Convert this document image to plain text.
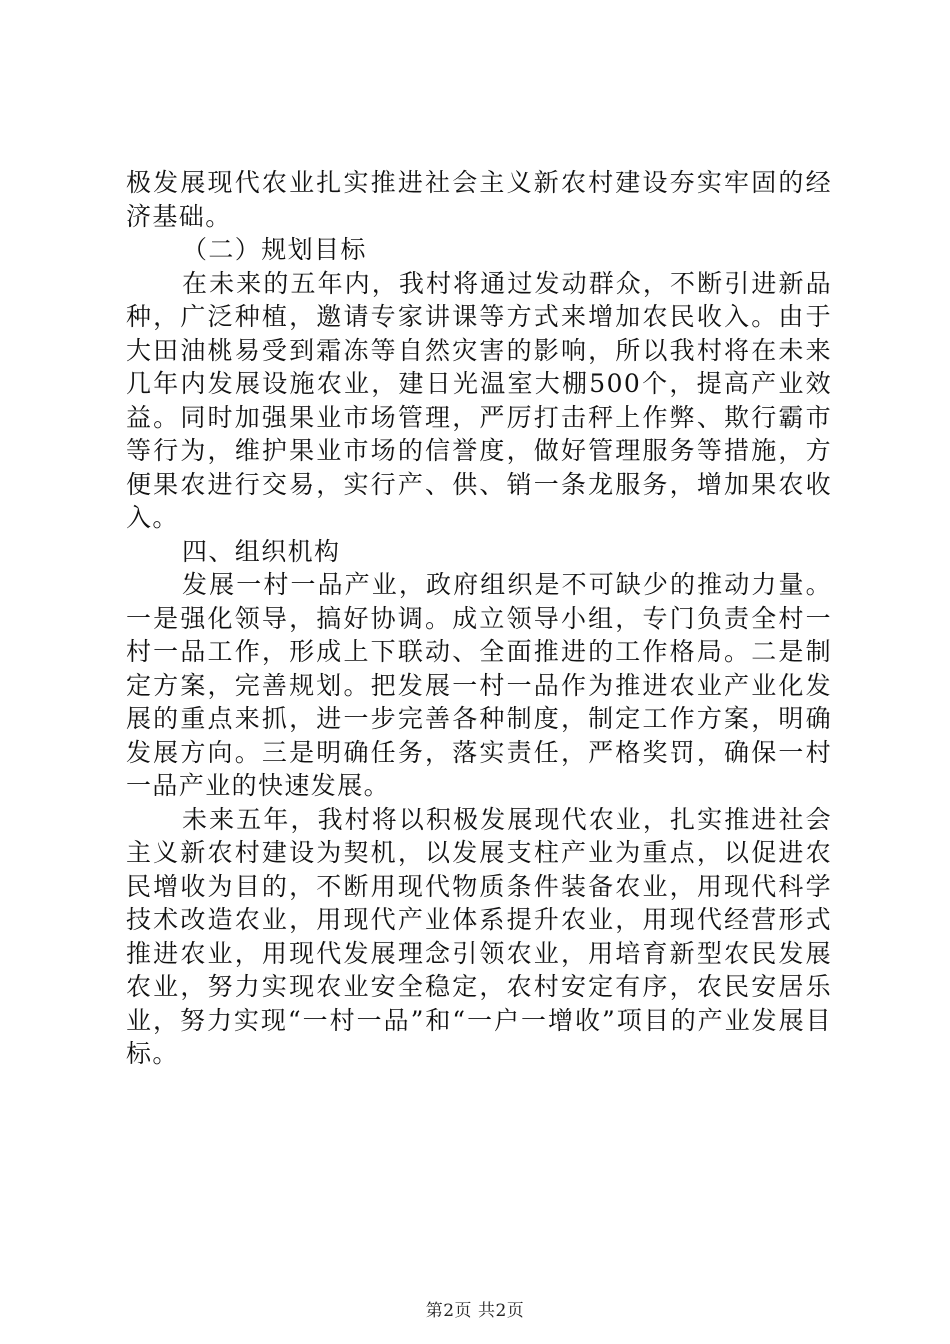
极发展现代农业扎实推进社会主义新农村建设夯实牢固的经济基础。

（二）规划目标

在未来的五年内，我村将通过发动群众，不断引进新品种，广泛种植，邀请专家讲课等方式来增加农民收入。由于大田油桃易受到霜冻等自然灾害的影响，所以我村将在未来几年内发展设施农业，建日光温室大棚500个，提高产业效益。同时加强果业市场管理，严厉打击秤上作弊、欺行霸市等行为，维护果业市场的信誉度，做好管理服务等措施，方便果农进行交易，实行产、供、销一条龙服务，增加果农收入。

四、组织机构

发展一村一品产业，政府组织是不可缺少的推动力量。一是强化领导，搞好协调。成立领导小组，专门负责全村一村一品工作，形成上下联动、全面推进的工作格局。二是制定方案，完善规划。把发展一村一品作为推进农业产业化发展的重点来抓，进一步完善各种制度，制定工作方案，明确发展方向。三是明确任务，落实责任，严格奖罚，确保一村一品产业的快速发展。

未来五年，我村将以积极发展现代农业，扎实推进社会主义新农村建设为契机，以发展支柱产业为重点，以促进农民增收为目的，不断用现代物质条件装备农业，用现代科学技术改造农业，用现代产业体系提升农业，用现代经营形式推进农业，用现代发展理念引领农业，用培育新型农民发展农业，努力实现农业安全稳定，农村安定有序，农民安居乐业，努力实现“一村一品”和“一户一增收”项目的产业发展目标。

第2页 共2页
